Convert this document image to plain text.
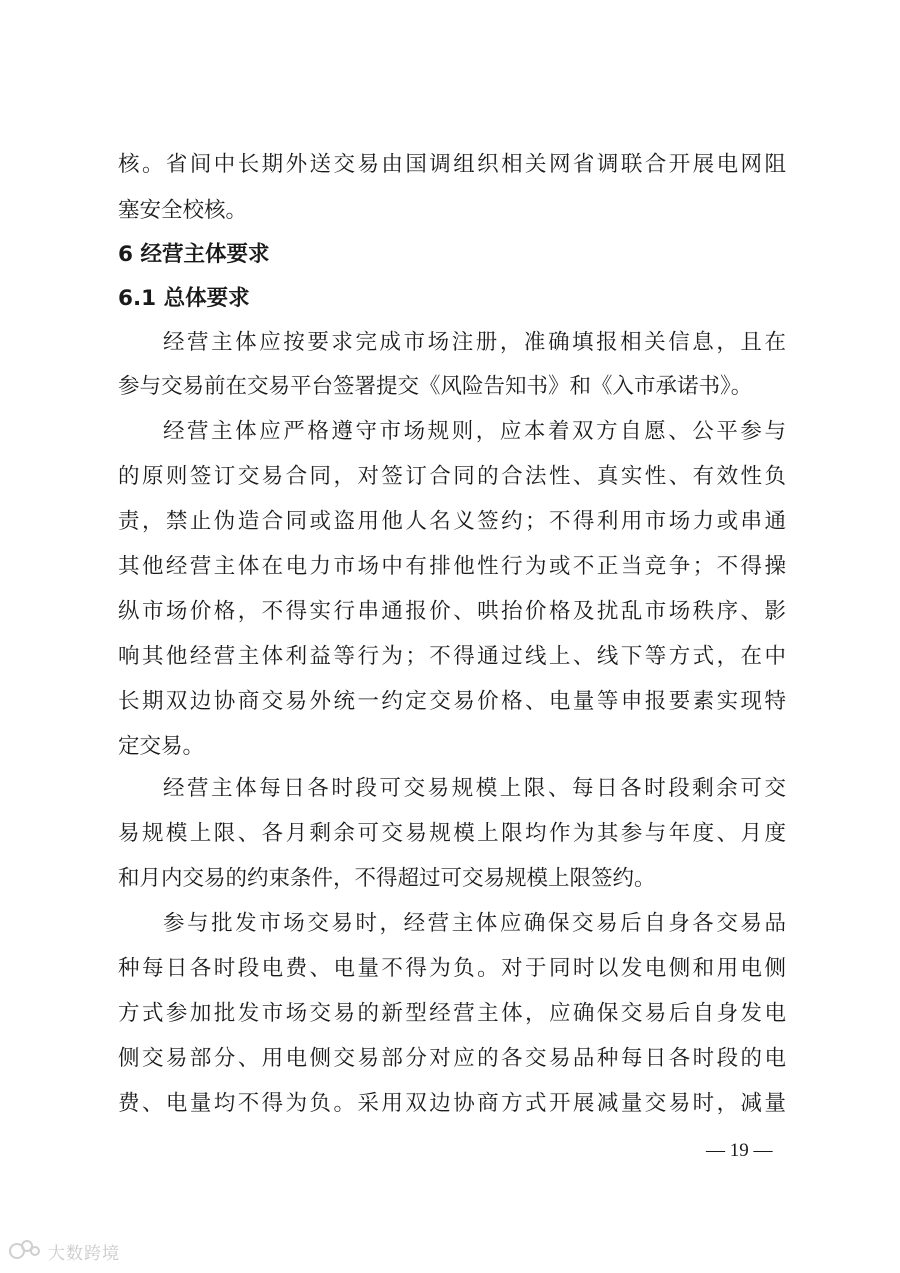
核。省间中长期外送交易由国调组织相关网省调联合开展电网阻
塞安全校核。
6 经营主体要求
6.1 总体要求
经营主体应按要求完成市场注册，准确填报相关信息，且在
参与交易前在交易平台签署提交《风险告知书》和《入市承诺书》。
经营主体应严格遵守市场规则，应本着双方自愿、公平参与
的原则签订交易合同，对签订合同的合法性、真实性、有效性负
责，禁止伪造合同或盗用他人名义签约；不得利用市场力或串通
其他经营主体在电力市场中有排他性行为或不正当竞争；不得操
纵市场价格，不得实行串通报价、哄抬价格及扰乱市场秩序、影
响其他经营主体利益等行为；不得通过线上、线下等方式，在中
长期双边协商交易外统一约定交易价格、电量等申报要素实现特
定交易。
经营主体每日各时段可交易规模上限、每日各时段剩余可交
易规模上限、各月剩余可交易规模上限均作为其参与年度、月度
和月内交易的约束条件，不得超过可交易规模上限签约。
参与批发市场交易时，经营主体应确保交易后自身各交易品
种每日各时段电费、电量不得为负。对于同时以发电侧和用电侧
方式参加批发市场交易的新型经营主体，应确保交易后自身发电
侧交易部分、用电侧交易部分对应的各交易品种每日各时段的电
费、电量均不得为负。采用双边协商方式开展减量交易时，减量
— 19 —
大数跨境
